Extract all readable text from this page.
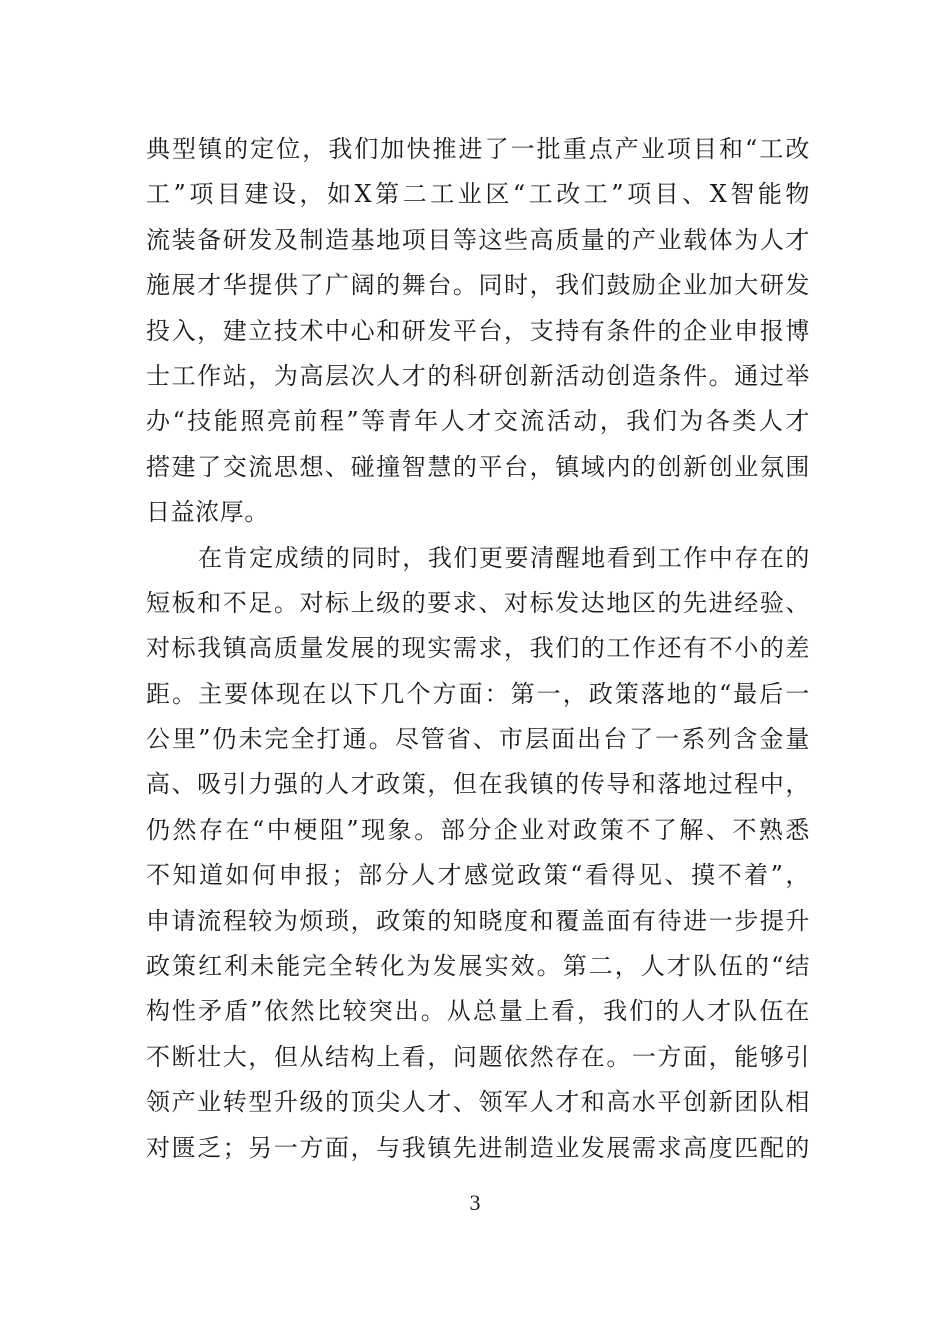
典型镇的定位，我们加快推进了一批重点产业项目和“工改
工”项目建设，如X第二工业区“工改工”项目、X智能物
流装备研发及制造基地项目等这些高质量的产业载体为人才
施展才华提供了广阔的舞台。同时，我们鼓励企业加大研发
投入，建立技术中心和研发平台，支持有条件的企业申报博
士工作站，为高层次人才的科研创新活动创造条件。通过举
办“技能照亮前程”等青年人才交流活动，我们为各类人才
搭建了交流思想、碰撞智慧的平台，镇域内的创新创业氛围
日益浓厚。
在肯定成绩的同时，我们更要清醒地看到工作中存在的
短板和不足。对标上级的要求、对标发达地区的先进经验、
对标我镇高质量发展的现实需求，我们的工作还有不小的差
距。主要体现在以下几个方面：第一，政策落地的“最后一
公里”仍未完全打通。尽管省、市层面出台了一系列含金量
高、吸引力强的人才政策，但在我镇的传导和落地过程中，
仍然存在“中梗阻”现象。部分企业对政策不了解、不熟悉
不知道如何申报；部分人才感觉政策“看得见、摸不着”，
申请流程较为烦琐，政策的知晓度和覆盖面有待进一步提升
政策红利未能完全转化为发展实效。第二，人才队伍的“结
构性矛盾”依然比较突出。从总量上看，我们的人才队伍在
不断壮大，但从结构上看，问题依然存在。一方面，能够引
领产业转型升级的顶尖人才、领军人才和高水平创新团队相
对匮乏；另一方面，与我镇先进制造业发展需求高度匹配的
3
